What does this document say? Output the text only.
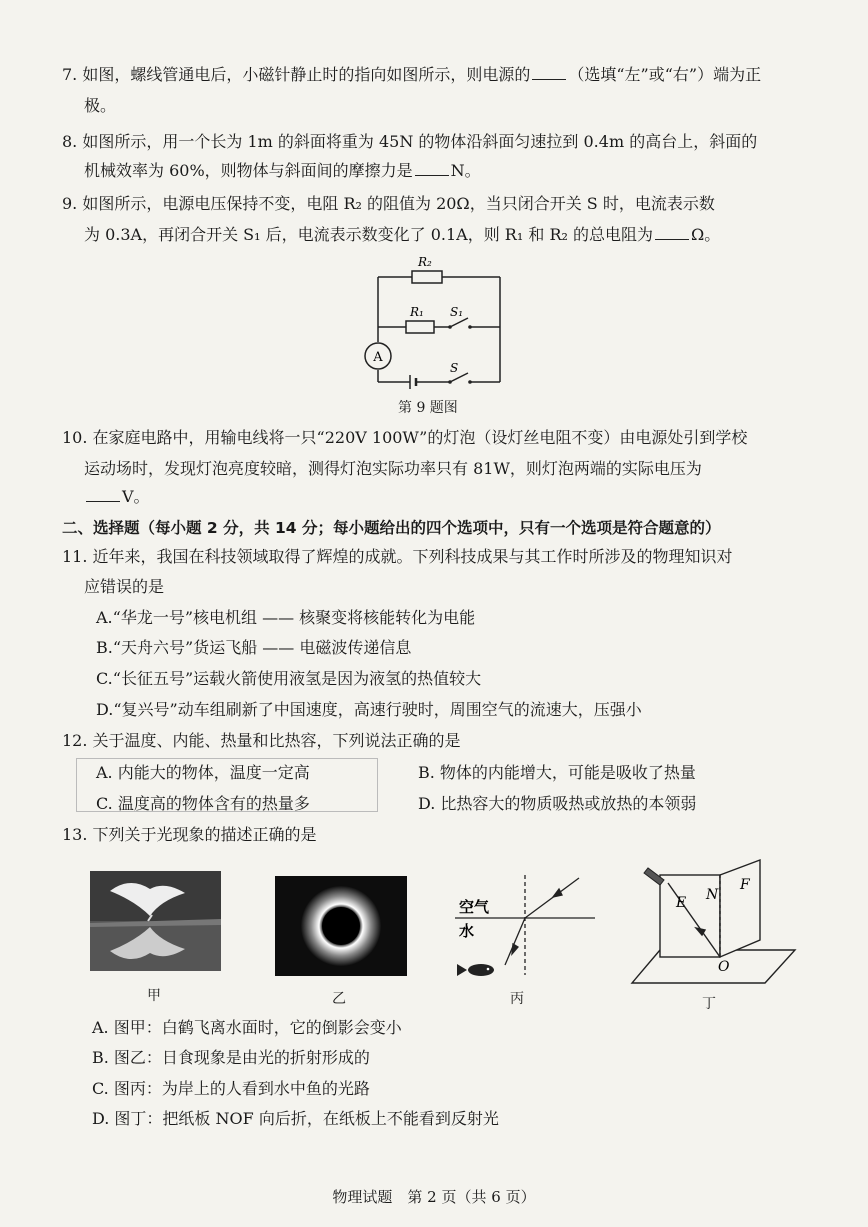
7. 如图，螺线管通电后，小磁针静止时的指向如图所示，则电源的 （选填“左”或“右”）端为正
极。
8. 如图所示，用一个长为 1m 的斜面将重为 45N 的物体沿斜面匀速拉到 0.4m 的高台上，斜面的
机械效率为 60%，则物体与斜面间的摩擦力是 N。
9. 如图所示，电源电压保持不变，电阻 R₂ 的阻值为 20Ω，当只闭合开关 S 时，电流表示数
为 0.3A，再闭合开关 S₁ 后，电流表示数变化了 0.1A，则 R₁ 和 R₂ 的总电阻为 Ω。
A
R₂
R₁ S₁
S
第 9 题图
10. 在家庭电路中，用输电线将一只“220V 100W”的灯泡（设灯丝电阻不变）由电源处引到学校
运动场时，发现灯泡亮度较暗，测得灯泡实际功率只有 81W，则灯泡两端的实际电压为
V。
二、选择题（每小题 2 分，共 14 分；每小题给出的四个选项中，只有一个选项是符合题意的）
11. 近年来，我国在科技领域取得了辉煌的成就。下列科技成果与其工作时所涉及的物理知识对
应错误的是
A.“华龙一号”核电机组 —— 核聚变将核能转化为电能
B.“天舟六号”货运飞船 —— 电磁波传递信息
C.“长征五号”运载火箭使用液氢是因为液氢的热值较大
D.“复兴号”动车组刷新了中国速度，高速行驶时，周围空气的流速大，压强小
12. 关于温度、内能、热量和比热容，下列说法正确的是
A. 内能大的物体，温度一定高	B. 物体的内能增大，可能是吸收了热量
C. 温度高的物体含有的热量多	D. 比热容大的物质吸热或放热的本领弱
13. 下列关于光现象的描述正确的是
甲	乙
空气
水
丙
E N
F
O
丁
A. 图甲：白鹤飞离水面时，它的倒影会变小
B. 图乙：日食现象是由光的折射形成的
C. 图丙：为岸上的人看到水中鱼的光路
D. 图丁：把纸板 NOF 向后折，在纸板上不能看到反射光
物理试题　第 2 页（共 6 页）
